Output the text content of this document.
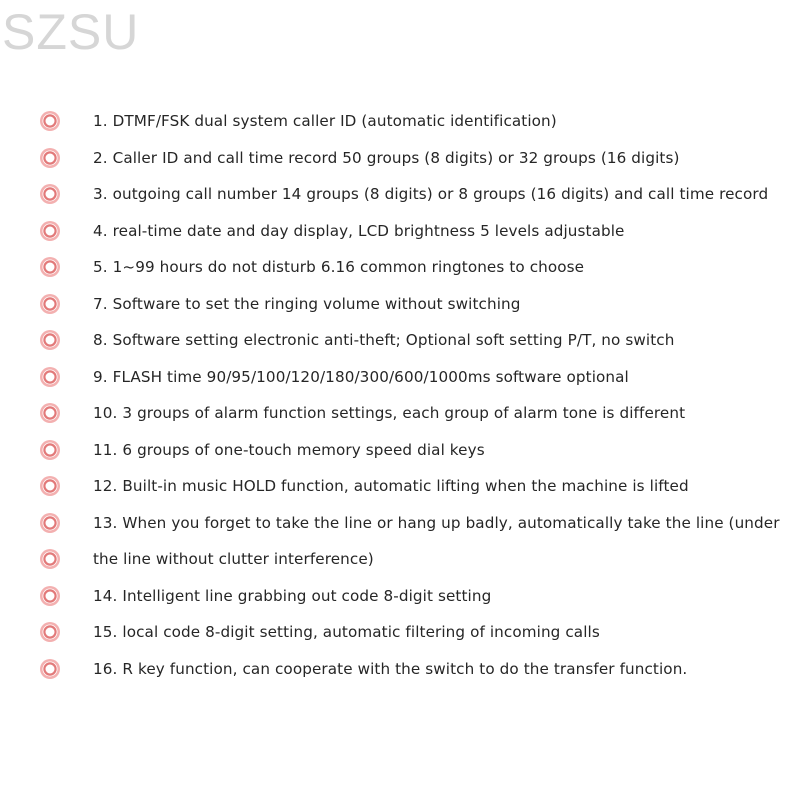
SZSU
1. DTMF/FSK dual system caller ID (automatic identification)
2. Caller ID and call time record 50 groups (8 digits) or 32 groups (16 digits)
3. outgoing call number 14 groups (8 digits) or 8 groups (16 digits) and call time record
4. real-time date and day display, LCD brightness 5 levels adjustable
5. 1~99 hours do not disturb 6.16 common ringtones to choose
7. Software to set the ringing volume without switching
8. Software setting electronic anti-theft; Optional soft setting P/T, no switch
9. FLASH time 90/95/100/120/180/300/600/1000ms software optional
10. 3 groups of alarm function settings, each group of alarm tone is different
11. 6 groups of one-touch memory speed dial keys
12. Built-in music HOLD function, automatic lifting when the machine is lifted
13. When you forget to take the line or hang up badly, automatically take the line (under
the line without clutter interference)
14. Intelligent line grabbing out code 8-digit setting
15. local code 8-digit setting, automatic filtering of incoming calls
16. R key function, can cooperate with the switch to do the transfer function.
